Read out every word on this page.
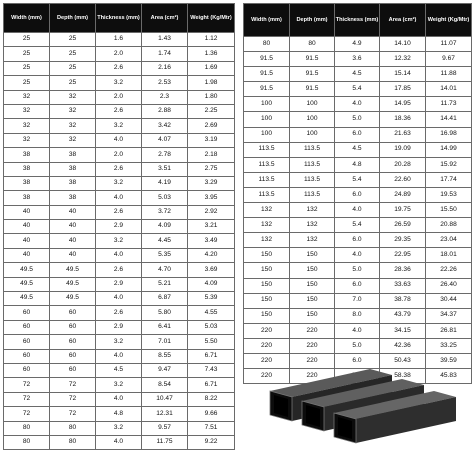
Width (mm)	Depth (mm)	Thickness (mm)	Area (cm²)	Weight (Kg/Mtr)
25	25	1.6	1.43	1.12
25	25	2.0	1.74	1.36
25	25	2.6	2.16	1.69
25	25	3.2	2.53	1.98
32	32	2.0	2.3	1.80
32	32	2.6	2.88	2.25
32	32	3.2	3.42	2.69
32	32	4.0	4.07	3.19
38	38	2.0	2.78	2.18
38	38	2.6	3.51	2.75
38	38	3.2	4.19	3.29
38	38	4.0	5.03	3.95
40	40	2.6	3.72	2.92
40	40	2.9	4.09	3.21
40	40	3.2	4.45	3.49
40	40	4.0	5.35	4.20
49.5	49.5	2.6	4.70	3.69
49.5	49.5	2.9	5.21	4.09
49.5	49.5	4.0	6.87	5.39
60	60	2.6	5.80	4.55
60	60	2.9	6.41	5.03
60	60	3.2	7.01	5.50
60	60	4.0	8.55	6.71
60	60	4.5	9.47	7.43
72	72	3.2	8.54	6.71
72	72	4.0	10.47	8.22
72	72	4.8	12.31	9.66
80	80	3.2	9.57	7.51
80	80	4.0	11.75	9.22
Width (mm)	Depth (mm)	Thickness (mm)	Area (cm²)	Weight (Kg/Mtr)
80	80	4.9	14.10	11.07
91.5	91.5	3.6	12.32	9.67
91.5	91.5	4.5	15.14	11.88
91.5	91.5	5.4	17.85	14.01
100	100	4.0	14.95	11.73
100	100	5.0	18.36	14.41
100	100	6.0	21.63	16.98
113.5	113.5	4.5	19.09	14.99
113.5	113.5	4.8	20.28	15.92
113.5	113.5	5.4	22.60	17.74
113.5	113.5	6.0	24.89	19.53
132	132	4.0	19.75	15.50
132	132	5.4	26.59	20.88
132	132	6.0	29.35	23.04
150	150	4.0	22.95	18.01
150	150	5.0	28.36	22.26
150	150	6.0	33.63	26.40
150	150	7.0	38.78	30.44
150	150	8.0	43.79	34.37
220	220	4.0	34.15	26.81
220	220	5.0	42.36	33.25
220	220	6.0	50.43	39.59
220	220		58.38	45.83
